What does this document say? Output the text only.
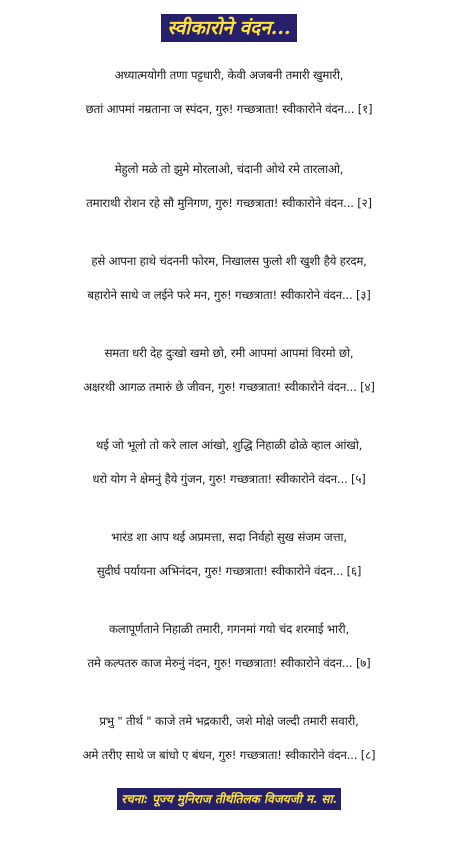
स्वीकारोने वंदन...
अध्यात्मयोगी तणा पट्टधारी, केवी अजबनी तमारी खुमारी,
छतां आपमां नम्रताना ज स्पंदन, गुरु! गच्छत्राता! स्वीकारोने वंदन... [१]
मेहुलो मळे तो झुमे मोरलाओ, चंदानी ओथे रमे तारलाओ,
तमाराथी रोशन रहे सौ मुनिगण, गुरु! गच्छत्राता! स्वीकारोने वंदन... [२]
हसे आपना हाथे चंदननी फोरम, निखालस फुलो शी खुशी हैये हरदम,
बहारोने साथे ज लईने फरे मन, गुरु! गच्छत्राता! स्वीकारोने वंदन... [३]
समता धरी देह दुःखो खमो छो, रमी आपमां आपमां विरमो छो,
अक्षरथी आगळ तमारुं छे जीवन, गुरु! गच्छत्राता! स्वीकारोने वंदन... [४]
थई जो भूलो तो करे लाल आंखो, शुद्धि निहाळी ढोळे व्हाल आंखो,
धरो योग ने क्षेमनुं हैये गुंजन, गुरु! गच्छत्राता! स्वीकारोने वंदन... [५]
भारंड शा आप थई अप्रमत्ता, सदा निर्वहो सुख संजम जत्ता,
सुदीर्घ पर्यायना अभिनंदन, गुरु! गच्छत्राता! स्वीकारोने वंदन... [६]
कलापूर्णताने निहाळी तमारी, गगनमां गयो चंद शरमाई भारी,
तमे कल्पतरु काज मेरुनुं नंदन, गुरु! गच्छत्राता! स्वीकारोने वंदन... [७]
प्रभु " तीर्थ " काजे तमे भद्रकारी, जशे मोक्षे जल्दी तमारी सवारी,
अमे तरीए साथे ज बांधो ए बंधन, गुरु! गच्छत्राता! स्वीकारोने वंदन... [८]
रचना: पूज्य मुनिराज तीर्थतिलक विजयजी म. सा.
